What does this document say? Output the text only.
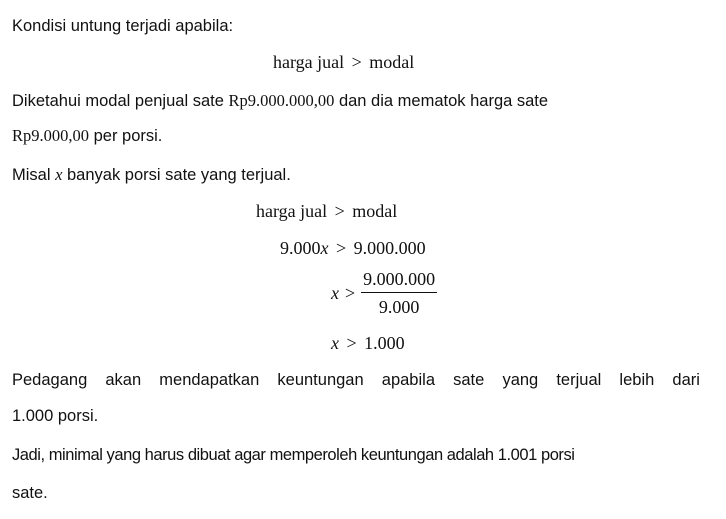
Kondisi untung terjadi apabila:
harga jual > modal
Diketahui modal penjual sate Rp9.000.000,00 dan dia mematok harga sate
Rp9.000,00 per porsi.
Misal x banyak porsi sate yang terjual.
harga jual > modal
9.000x > 9.000.000
$x > \frac{9.000.000}{9.000}$
x > 1.000
Pedagang akan mendapatkan keuntungan apabila sate yang terjual lebih dari
1.000 porsi.
Jadi, minimal yang harus dibuat agar memperoleh keuntungan adalah 1.001 porsi
sate.
